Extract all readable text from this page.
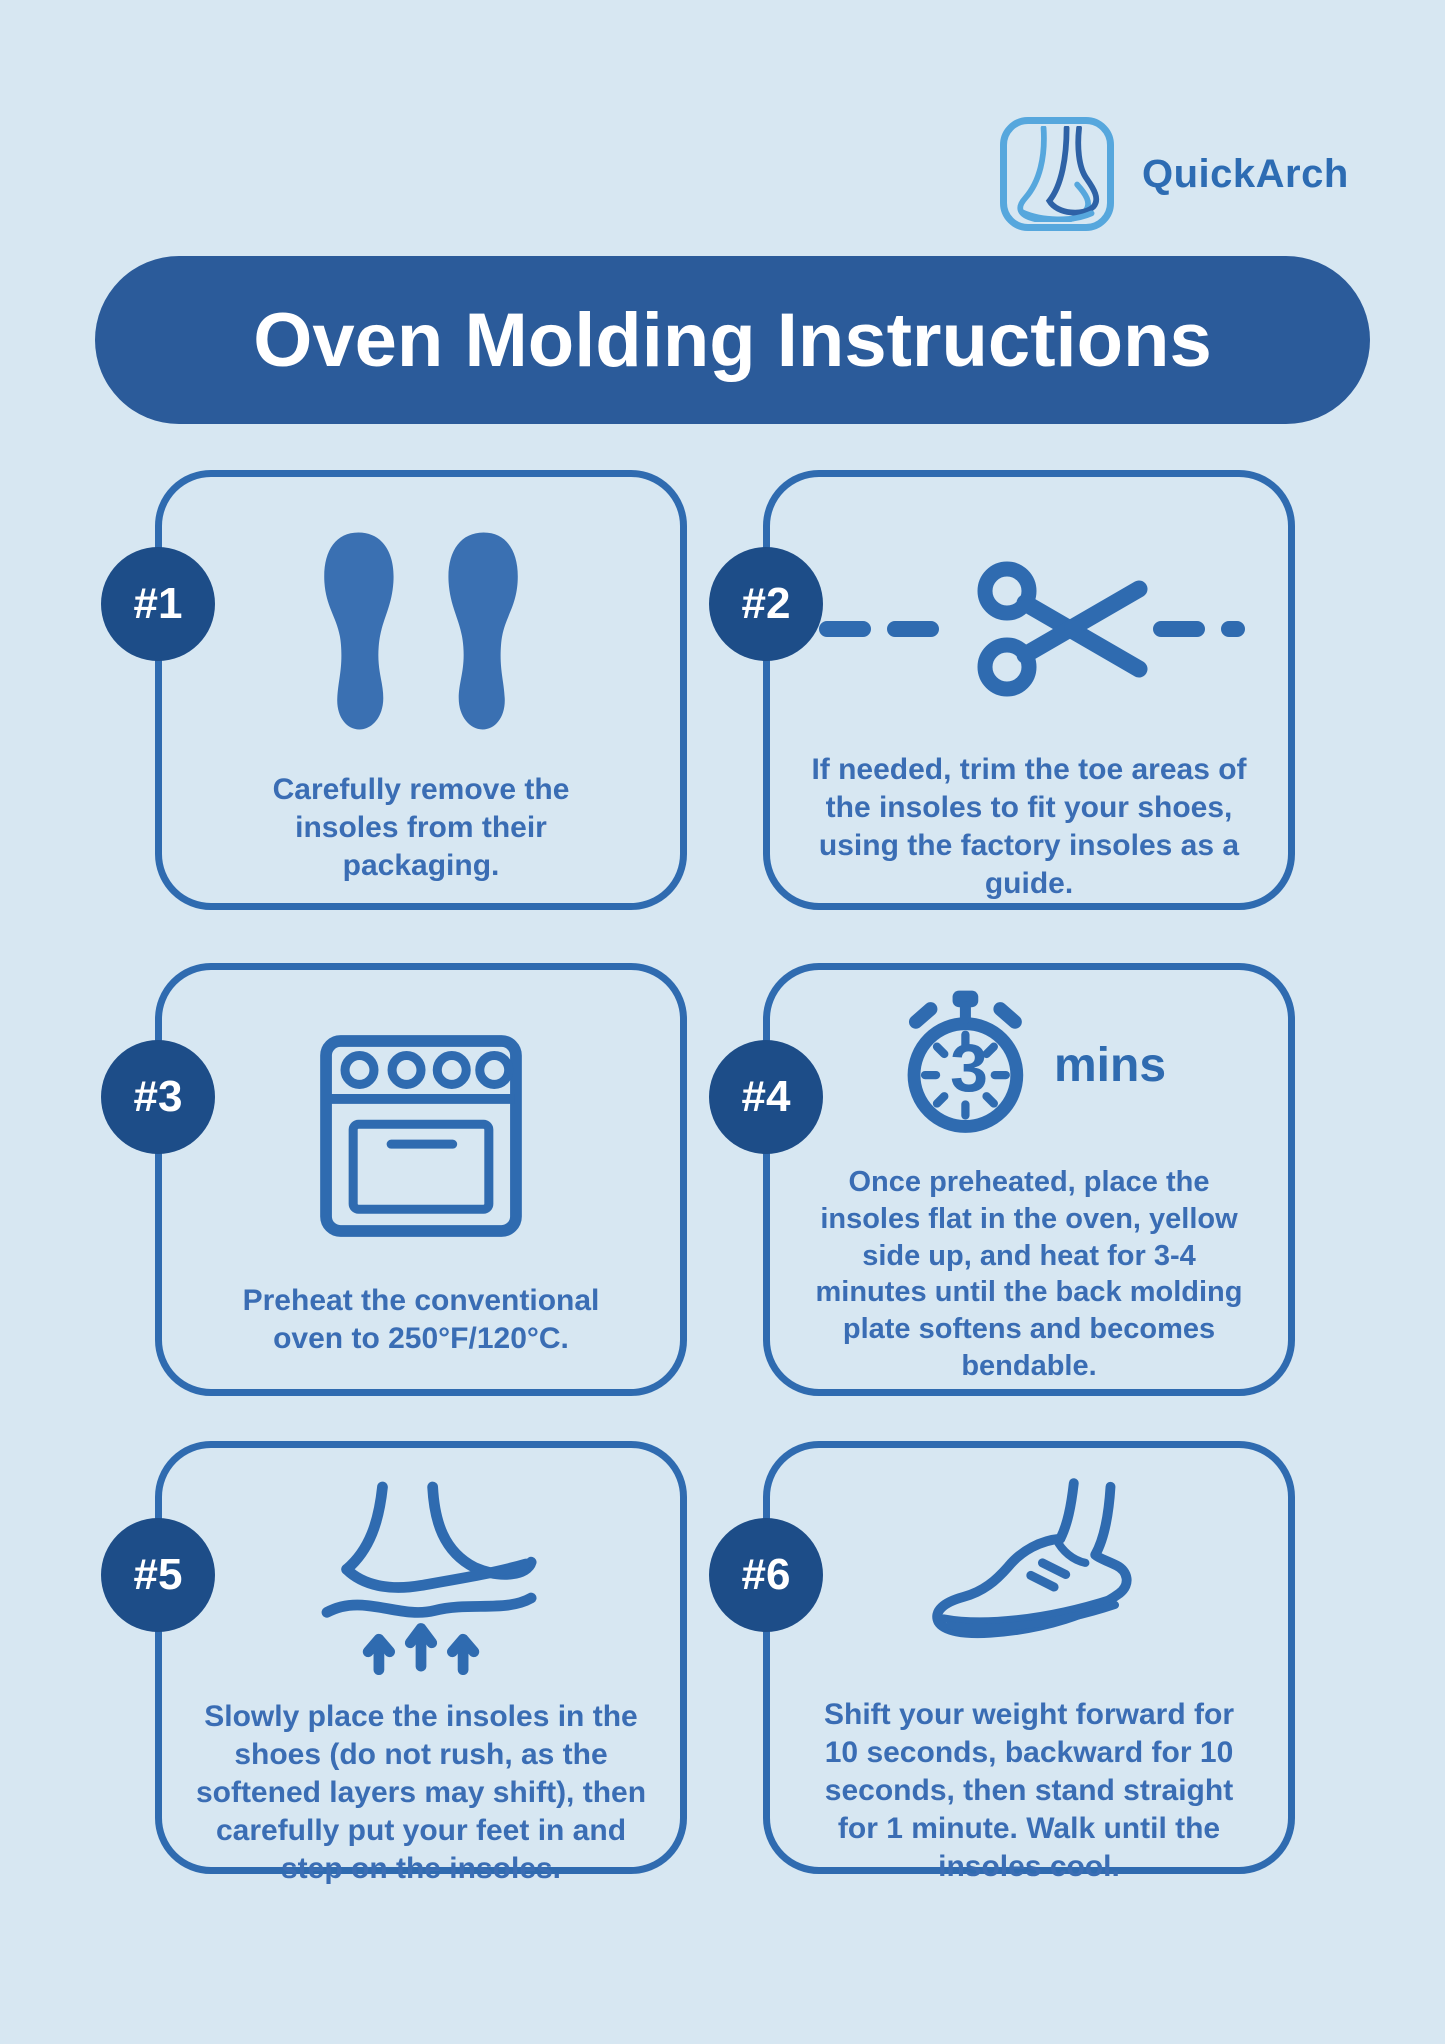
QuickArch
Oven Molding Instructions
#1
Carefully remove the insoles from their packaging.
#2
If needed, trim the toe areas of the insoles to fit your shoes, using the factory insoles as a guide.
#3
Preheat the conventional oven to 250°F/120°C.
#4	3	mins
Once preheated, place the insoles flat in the oven, yellow side up, and heat for 3-4 minutes until the back molding plate softens and becomes bendable.
#5
Slowly place the insoles in the shoes (do not rush, as the softened layers may shift), then carefully put your feet in and step on the insoles.
#6
Shift your weight forward for 10 seconds, backward for 10 seconds, then stand straight for 1 minute. Walk until the insoles cool.
